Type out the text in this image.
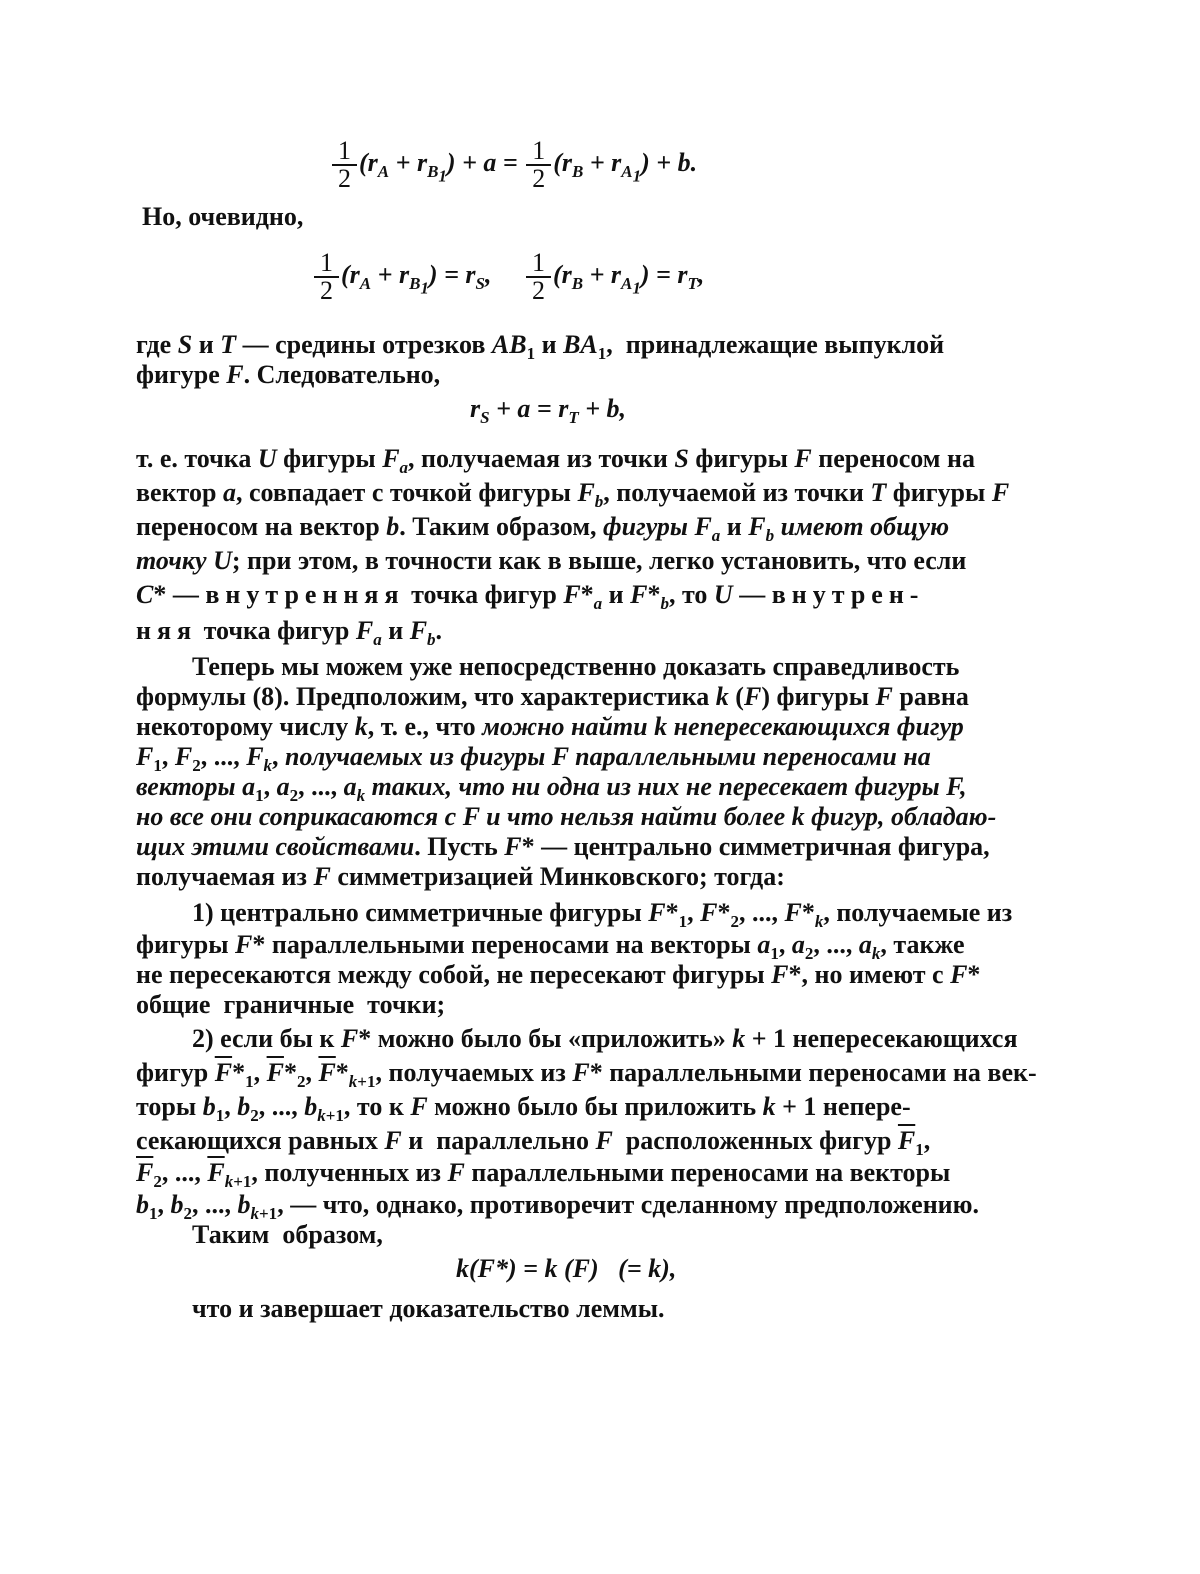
$\frac{1}{2} (r_A + r_{B_1}) + a = \frac{1}{2} (r_B + r_{A_1}) + b$.
Но, очевидно,
$\frac{1}{2} (r_A + r_{B_1}) = r_S$, $\frac{1}{2} (r_B + r_{A_1}) = r_T$,
где S и T — средины отрезков $AB_1$ и $BA_1$,  принадлежащие выпуклой
фигуре F. Следовательно,
$r_S + a = r_T + b$,
т. е. точка U фигуры $F_a$, получаемая из точки S фигуры F переносом на
вектор a, совпадает с точкой фигуры $F_b$, получаемой из точки T фигуры F
переносом на вектор b. Таким образом, фигуры $F_a$ и $F_b$ имеют общую
точку U; при этом, в точности как в выше, легко установить, что если
C* — внутренняя точка фигур $F*_a$ и $F*_b$, то U — внутрен-
няя точка фигур $F_a$ и $F_b$.
Теперь мы можем уже непосредственно доказать справедливость
формулы (8). Предположим, что характеристика k (F) фигуры F равна
некоторому числу k, т. е., что можно найти k непересекающихся фигур
$F_1$, $F_2$, ..., $F_k$, получаемых из фигуры F параллельными переносами на
векторы $a_1$, $a_2$, ..., $a_k$ таких, что ни одна из них не пересекает фигуры F,
но все они соприкасаются с F и что нельзя найти более k фигур, обладаю-
щих этими свойствами. Пусть F* — центрально симметричная фигура,
получаемая из F симметризацией Минковского; тогда:
1) центрально симметричные фигуры $F*_1$, $F*_2$, ..., $F*_k$, получаемые из
фигуры F* параллельными переносами на векторы $a_1$, $a_2$, ..., $a_k$, также
не пересекаются между собой, не пересекают фигуры F*, но имеют с F*
общие  граничные  точки;
2) если бы к F* можно было бы «приложить» k + 1 непересекающихся
фигур $\overline{F}*_1$, $\overline{F}*_2$, $\overline{F}*_{k+1}$, получаемых из F* параллельными переносами на век-
торы $b_1$, $b_2$, ..., $b_{k+1}$, то к F можно было бы приложить k + 1 непере-
секающихся равных F и  параллельно F  расположенных фигур $\overline{F}_1$,
$\overline{F}_2$, ..., $\overline{F}_{k+1}$, полученных из F параллельными переносами на векторы
$b_1$, $b_2$, ..., $b_{k+1}$, — что, однако, противоречит сделанному предположению.
Таким  образом,
k(F*) = k (F)   (= k),
что и завершает доказательство леммы.
